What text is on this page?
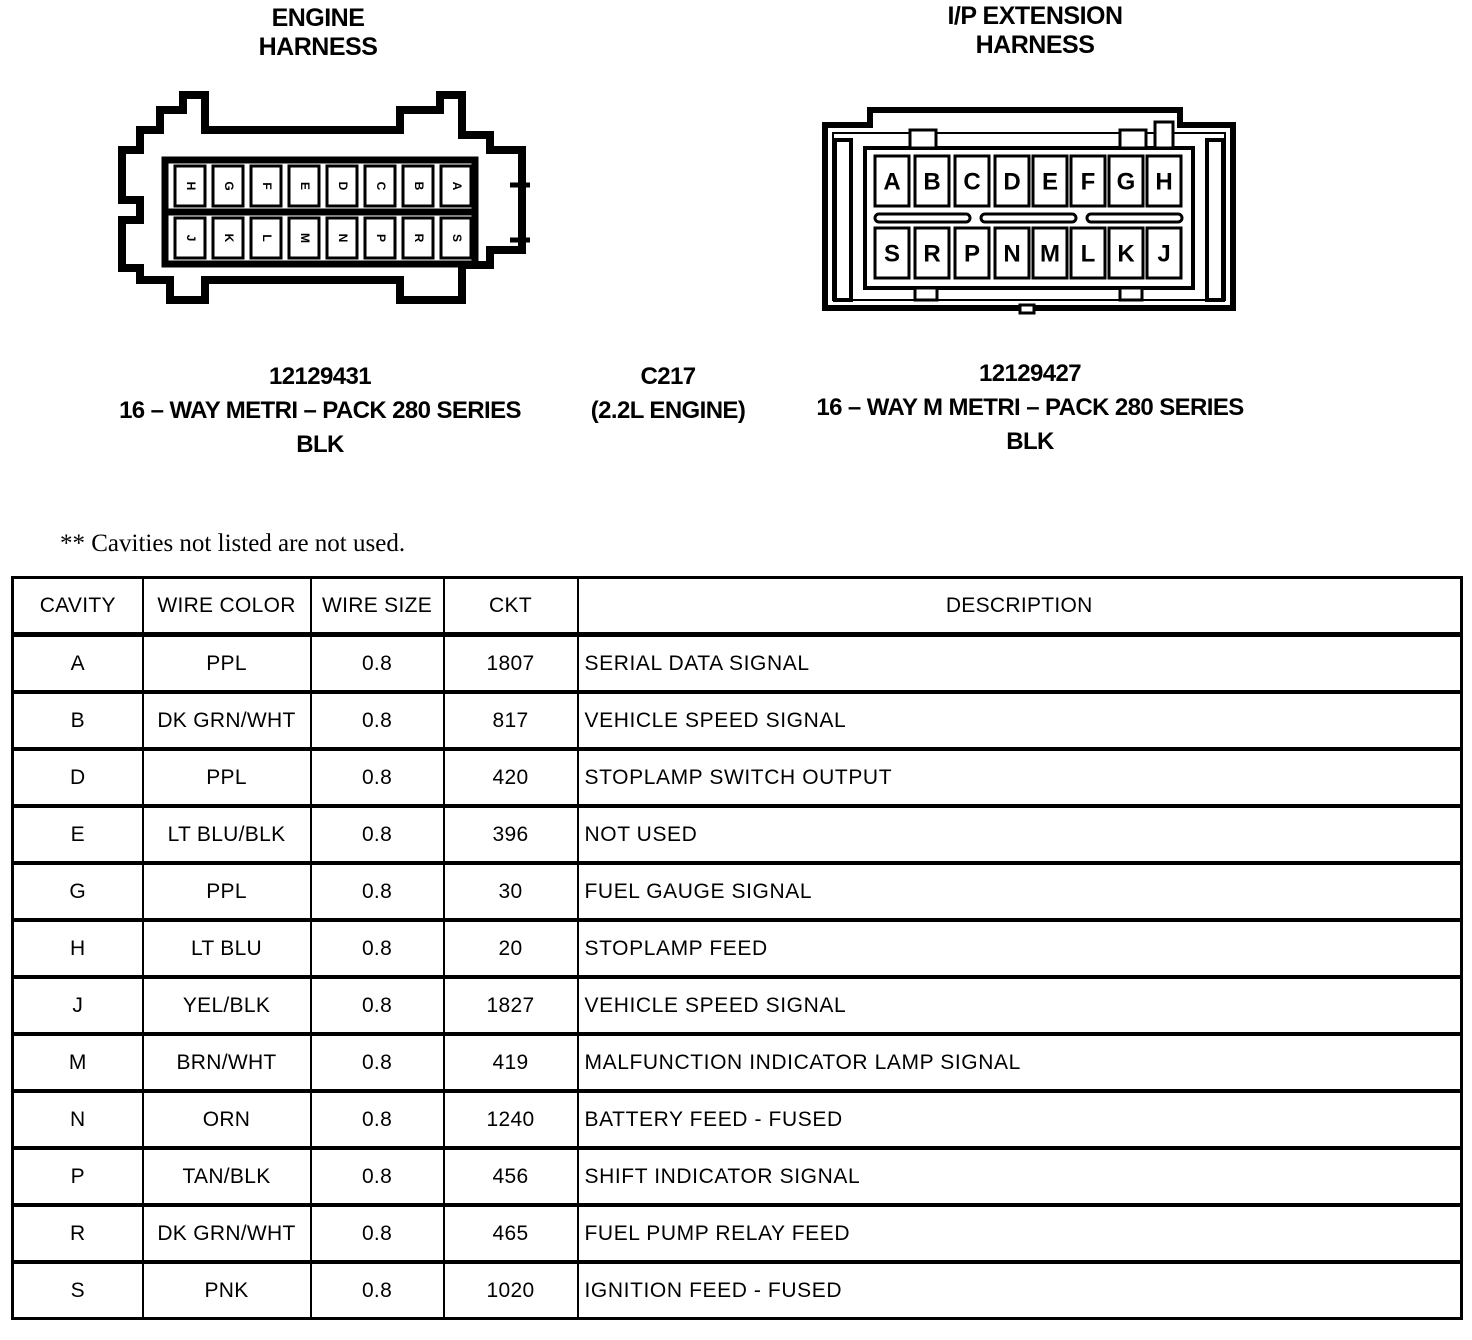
ENGINE
HARNESS
I/P EXTENSION
HARNESS
H G F E D C B A
J K L M N P R S
A B C D E F G H
S R P N M L K J
12129431
16 – WAY METRI – PACK 280 SERIES
BLK
C217
(2.2L ENGINE)
12129427
16 – WAY M METRI – PACK 280 SERIES
BLK
** Cavities not listed are not used.
CAVITY	WIRE COLOR	WIRE SIZE	CKT	DESCRIPTION
A	PPL	0.8	1807	SERIAL DATA SIGNAL
B	DK GRN/WHT	0.8	817	VEHICLE SPEED SIGNAL
D	PPL	0.8	420	STOPLAMP SWITCH OUTPUT
E	LT BLU/BLK	0.8	396	NOT USED
G	PPL	0.8	30	FUEL GAUGE SIGNAL
H	LT BLU	0.8	20	STOPLAMP FEED
J	YEL/BLK	0.8	1827	VEHICLE SPEED SIGNAL
M	BRN/WHT	0.8	419	MALFUNCTION INDICATOR LAMP SIGNAL
N	ORN	0.8	1240	BATTERY FEED - FUSED
P	TAN/BLK	0.8	456	SHIFT INDICATOR SIGNAL
R	DK GRN/WHT	0.8	465	FUEL PUMP RELAY FEED
S	PNK	0.8	1020	IGNITION FEED - FUSED
